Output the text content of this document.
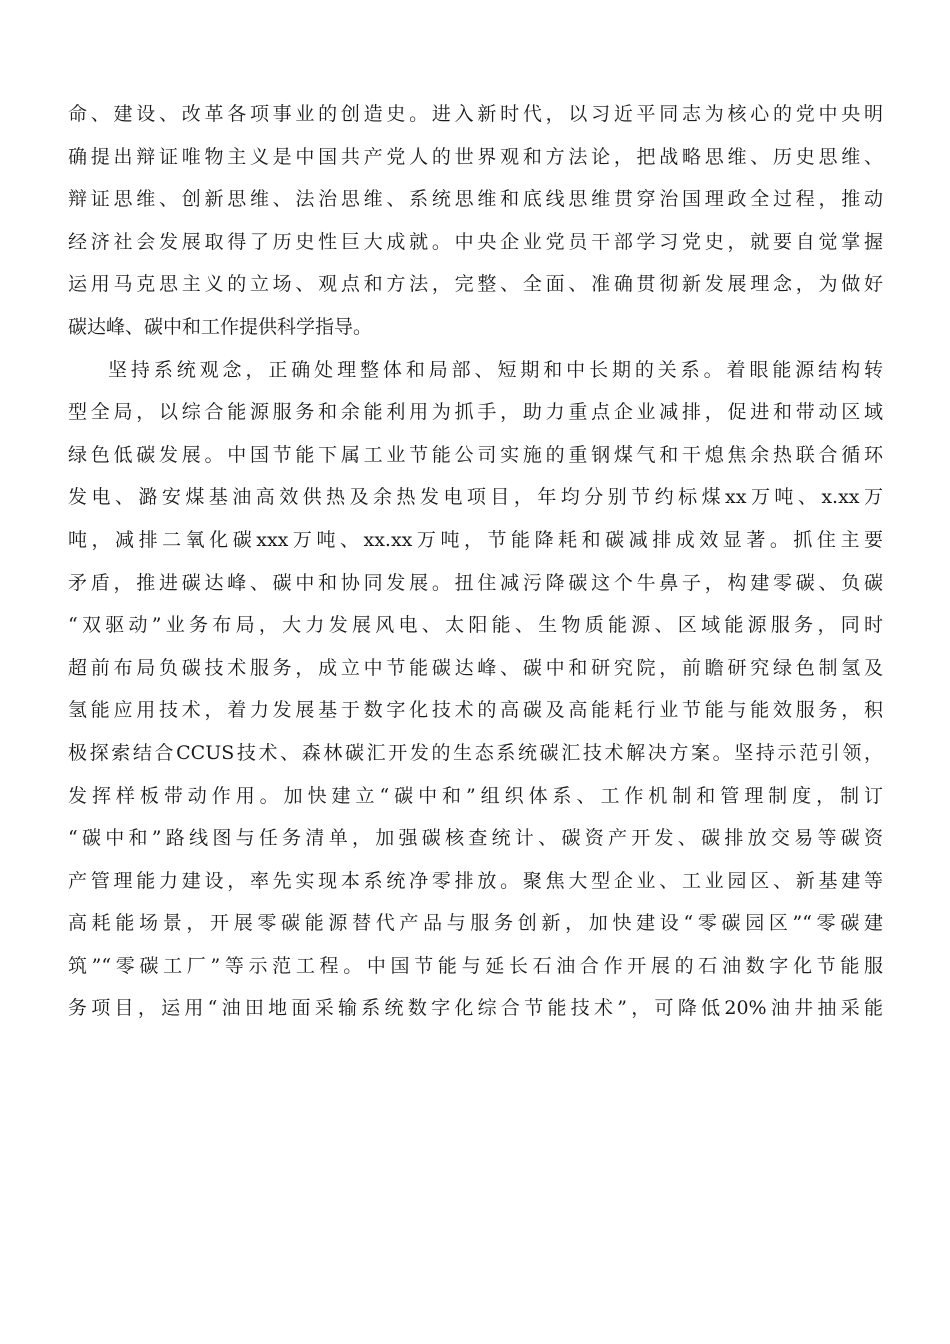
命、建设、改革各项事业的创造史。进入新时代，以习近平同志为核心的党中央明
确提出辩证唯物主义是中国共产党人的世界观和方法论，把战略思维、历史思维、
辩证思维、创新思维、法治思维、系统思维和底线思维贯穿治国理政全过程，推动
经济社会发展取得了历史性巨大成就。中央企业党员干部学习党史，就要自觉掌握
运用马克思主义的立场、观点和方法，完整、全面、准确贯彻新发展理念，为做好
碳达峰、碳中和工作提供科学指导。
坚持系统观念，正确处理整体和局部、短期和中长期的关系。着眼能源结构转
型全局，以综合能源服务和余能利用为抓手，助力重点企业减排，促进和带动区域
绿色低碳发展。中国节能下属工业节能公司实施的重钢煤气和干熄焦余热联合循环
发电、潞安煤基油高效供热及余热发电项目，年均分别节约标煤xx万吨、x.xx万
吨，减排二氧化碳xxx万吨、xx.xx万吨，节能降耗和碳减排成效显著。抓住主要
矛盾，推进碳达峰、碳中和协同发展。扭住减污降碳这个牛鼻子，构建零碳、负碳
“双驱动”业务布局，大力发展风电、太阳能、生物质能源、区域能源服务，同时
超前布局负碳技术服务，成立中节能碳达峰、碳中和研究院，前瞻研究绿色制氢及
氢能应用技术，着力发展基于数字化技术的高碳及高能耗行业节能与能效服务，积
极探索结合CCUS技术、森林碳汇开发的生态系统碳汇技术解决方案。坚持示范引领，
发挥样板带动作用。加快建立“碳中和”组织体系、工作机制和管理制度，制订
“碳中和”路线图与任务清单，加强碳核查统计、碳资产开发、碳排放交易等碳资
产管理能力建设，率先实现本系统净零排放。聚焦大型企业、工业园区、新基建等
高耗能场景，开展零碳能源替代产品与服务创新，加快建设“零碳园区”“零碳建
筑”“零碳工厂”等示范工程。中国节能与延长石油合作开展的石油数字化节能服
务项目，运用“油田地面采输系统数字化综合节能技术”，可降低20%油井抽采能
